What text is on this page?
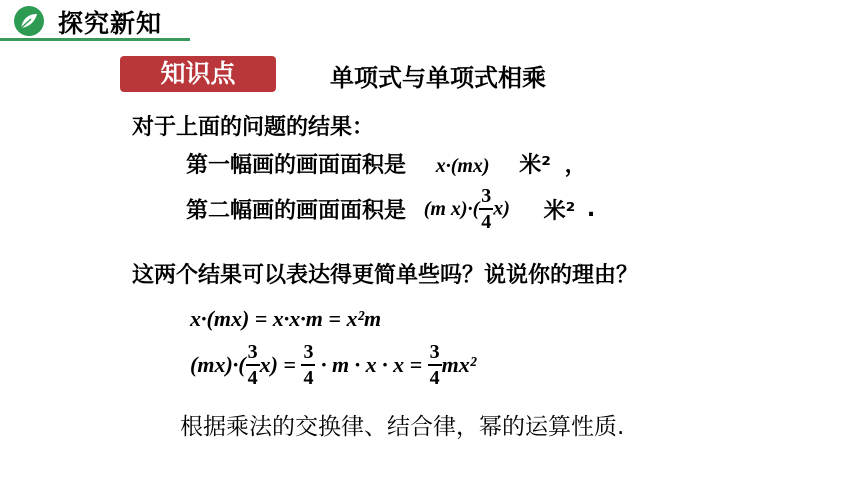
探究新知
知识点	单项式与单项式相乘
对于上面的问题的结果：
第一幅画的画面面积是 x·(mx) 米² ，
第二幅画的画面面积是 (m $x)\cdot( \frac{3}{4} x)$ 米² .
这两个结果可以表达得更简单些吗？说说你的理由？
x·(mx) = x·x·m = x²m
$(mx)\cdot( \frac{3}{4} x) = \frac{3}{4} \cdot m \cdot x \cdot x = \frac{3}{4} mx^2$
根据乘法的交换律、结合律，幂的运算性质.
